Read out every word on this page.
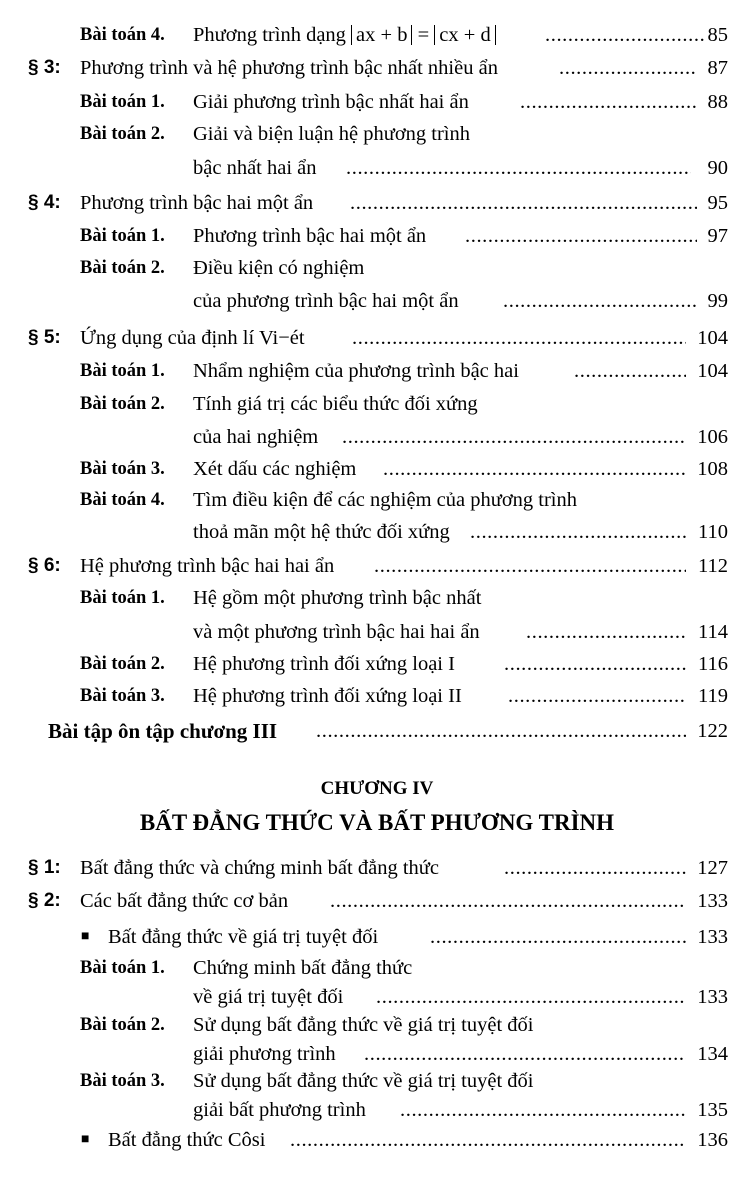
Bài toán 4. Phương trình dạng ax + b = cx + d .....	85
§ 3: Phương trình và hệ phương trình bậc nhất nhiều ẩn .....	87
Bài toán 1. Giải phương trình bậc nhất hai ẩn .....	88
Bài toán 2. Giải và biện luận hệ phương trình
bậc nhất hai ẩn .....	90
§ 4: Phương trình bậc hai một ẩn .....	95
Bài toán 1. Phương trình bậc hai một ẩn .....	97
Bài toán 2. Điều kiện có nghiệm
của phương trình bậc hai một ẩn .....	99
§ 5: Ứng dụng của định lí Vi−ét .....	104
Bài toán 1. Nhẩm nghiệm của phương trình bậc hai .....	104
Bài toán 2. Tính giá trị các biểu thức đối xứng
của hai nghiệm .....	106
Bài toán 3. Xét dấu các nghiệm .....	108
Bài toán 4. Tìm điều kiện để các nghiệm của phương trình
thoả mãn một hệ thức đối xứng .....	110
§ 6: Hệ phương trình bậc hai hai ẩn .....	112
Bài toán 1. Hệ gồm một phương trình bậc nhất
và một phương trình bậc hai hai ẩn .....	114
Bài toán 2. Hệ phương trình đối xứng loại I .....	116
Bài toán 3. Hệ phương trình đối xứng loại II .....	119
Bài tập ôn tập chương III .....	122
CHƯƠNG IV
BẤT ĐẲNG THỨC VÀ BẤT PHƯƠNG TRÌNH
§ 1: Bất đẳng thức và chứng minh bất đẳng thức .....	127
§ 2: Các bất đẳng thức cơ bản .....	133
■ Bất đẳng thức về giá trị tuyệt đối .....	133
Bài toán 1. Chứng minh bất đẳng thức
về giá trị tuyệt đối .....	133
Bài toán 2. Sử dụng bất đẳng thức về giá trị tuyệt đối
giải phương trình .....	134
Bài toán 3. Sử dụng bất đẳng thức về giá trị tuyệt đối
giải bất phương trình .....	135
■ Bất đẳng thức Côsi .....	136
